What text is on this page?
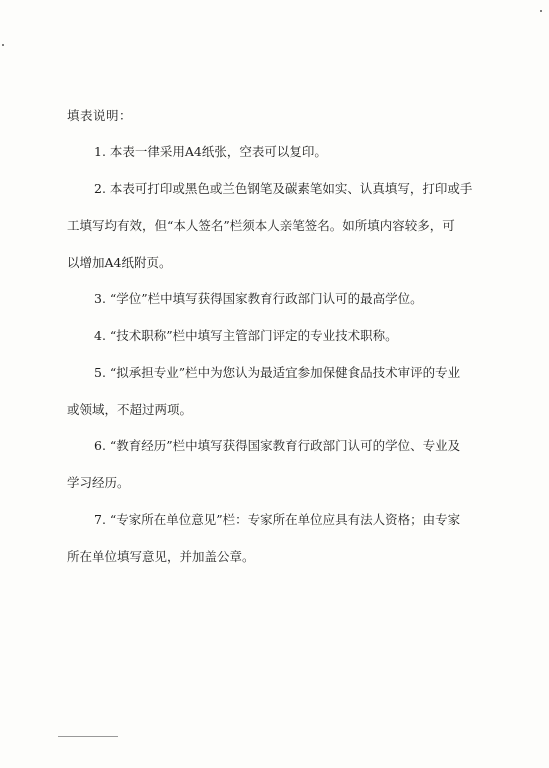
填表说明：
1. 本表一律采用A4纸张，空表可以复印。
2. 本表可打印或黑色或兰色钢笔及碳素笔如实、认真填写，打印或手
工填写均有效，但“本人签名”栏须本人亲笔签名。如所填内容较多，可
以增加A4纸附页。
3. “学位”栏中填写获得国家教育行政部门认可的最高学位。
4. “技术职称”栏中填写主管部门评定的专业技术职称。
5. “拟承担专业”栏中为您认为最适宜参加保健食品技术审评的专业
或领域，不超过两项。
6. “教育经历”栏中填写获得国家教育行政部门认可的学位、专业及
学习经历。
7. “专家所在单位意见”栏：专家所在单位应具有法人资格；由专家
所在单位填写意见，并加盖公章。
